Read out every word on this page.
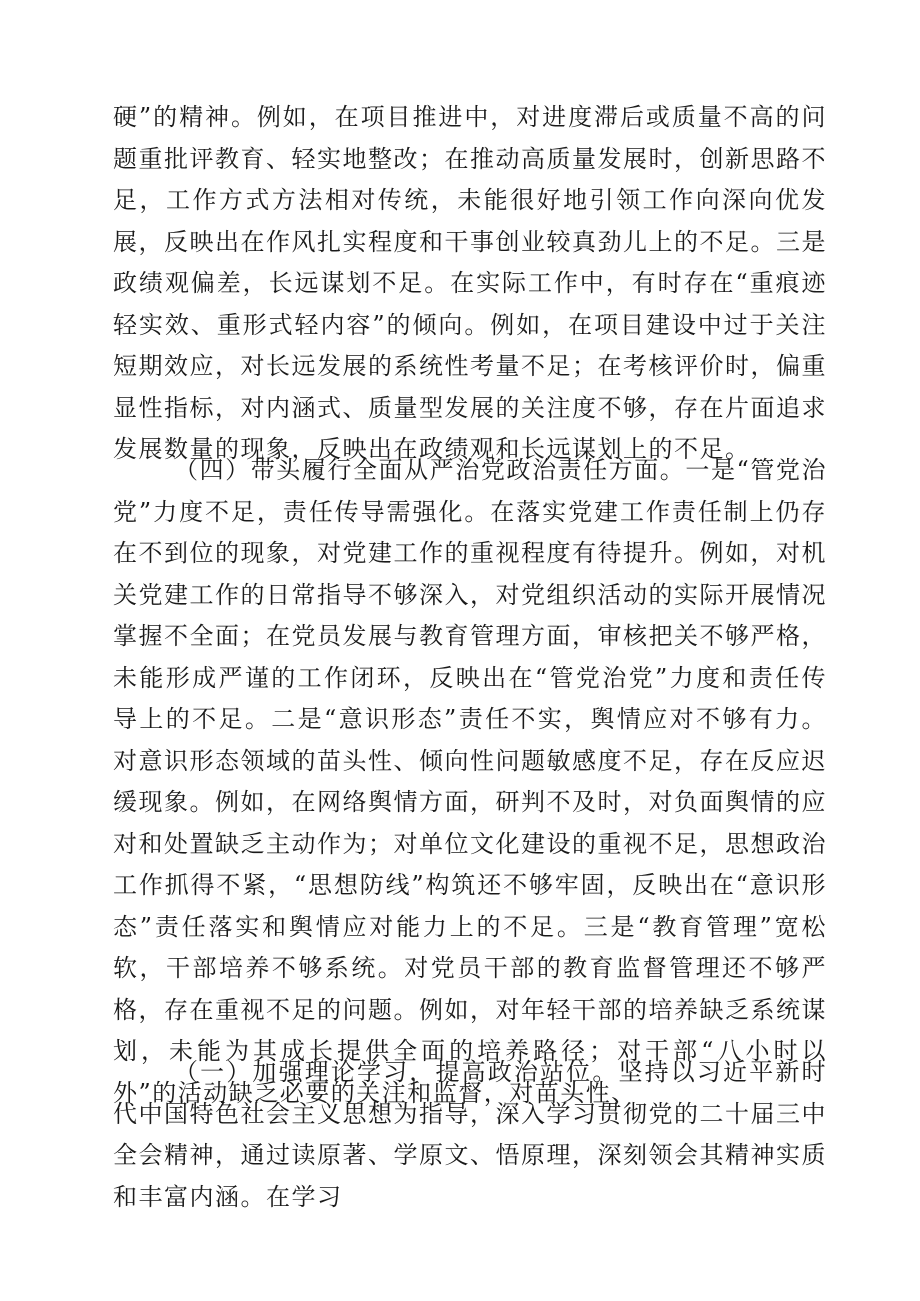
硬”的精神。例如，在项目推进中，对进度滞后或质量不高的问题重批评教育、轻实地整改；在推动高质量发展时，创新思路不足，工作方式方法相对传统，未能很好地引领工作向深向优发展，反映出在作风扎实程度和干事创业较真劲儿上的不足。三是政绩观偏差，长远谋划不足。在实际工作中，有时存在“重痕迹轻实效、重形式轻内容”的倾向。例如，在项目建设中过于关注短期效应，对长远发展的系统性考量不足；在考核评价时，偏重显性指标，对内涵式、质量型发展的关注度不够，存在片面追求发展数量的现象，反映出在政绩观和长远谋划上的不足。

（四）带头履行全面从严治党政治责任方面。一是“管党治党”力度不足，责任传导需强化。在落实党建工作责任制上仍存在不到位的现象，对党建工作的重视程度有待提升。例如，对机关党建工作的日常指导不够深入，对党组织活动的实际开展情况掌握不全面；在党员发展与教育管理方面，审核把关不够严格，未能形成严谨的工作闭环，反映出在“管党治党”力度和责任传导上的不足。二是“意识形态”责任不实，舆情应对不够有力。对意识形态领域的苗头性、倾向性问题敏感度不足，存在反应迟缓现象。例如，在网络舆情方面，研判不及时，对负面舆情的应对和处置缺乏主动作为；对单位文化建设的重视不足，思想政治工作抓得不紧，“思想防线”构筑还不够牢固，反映出在“意识形态”责任落实和舆情应对能力上的不足。三是“教育管理”宽松软，干部培养不够系统。对党员干部的教育监督管理还不够严格，存在重视不足的问题。例如，对年轻干部的培养缺乏系统谋划，未能为其成长提供全面的培养路径；对干部“八小时以外”的活动缺乏必要的关注和监督，对苗头性、

（一）加强理论学习，提高政治站位。坚持以习近平新时代中国特色社会主义思想为指导，深入学习贯彻党的二十届三中全会精神，通过读原著、学原文、悟原理，深刻领会其精神实质和丰富内涵。在学习
